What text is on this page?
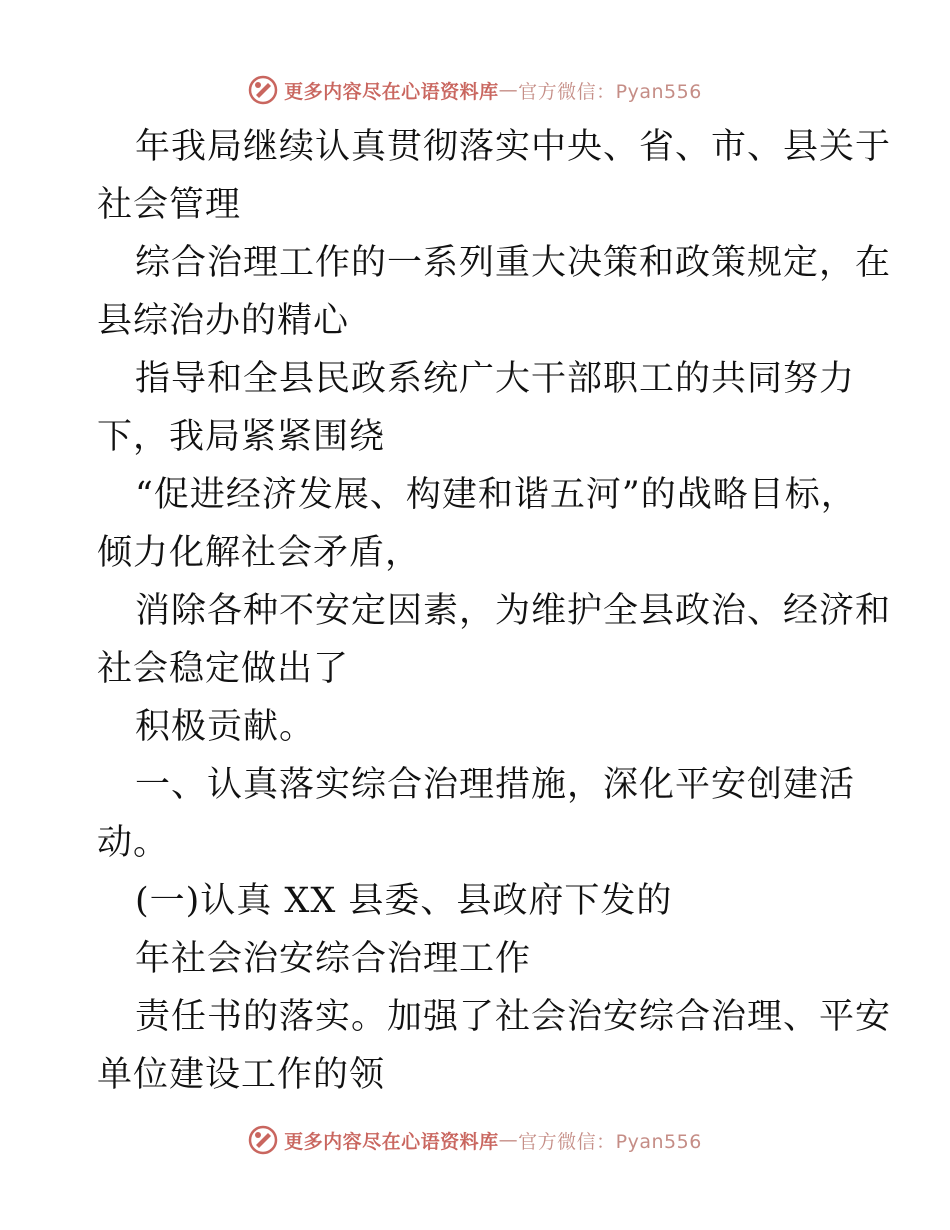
更多内容尽在心语资料库 — 官方微信：Pyan556
年我局继续认真贯彻落实中央、省、市、县关于
社会管理
综合治理工作的一系列重大决策和政策规定，在
县综治办的精心
指导和全县民政系统广大干部职工的共同努力
下，我局紧紧围绕
“促进经济发展、构建和谐五河”的战略目标，
倾力化解社会矛盾，
消除各种不安定因素，为维护全县政治、经济和
社会稳定做出了
积极贡献。
一、认真落实综合治理措施，深化平安创建活
动。
(一)认真 XX 县委、县政府下发的
年社会治安综合治理工作
责任书的落实。加强了社会治安综合治理、平安
单位建设工作的领
更多内容尽在心语资料库 — 官方微信：Pyan556
